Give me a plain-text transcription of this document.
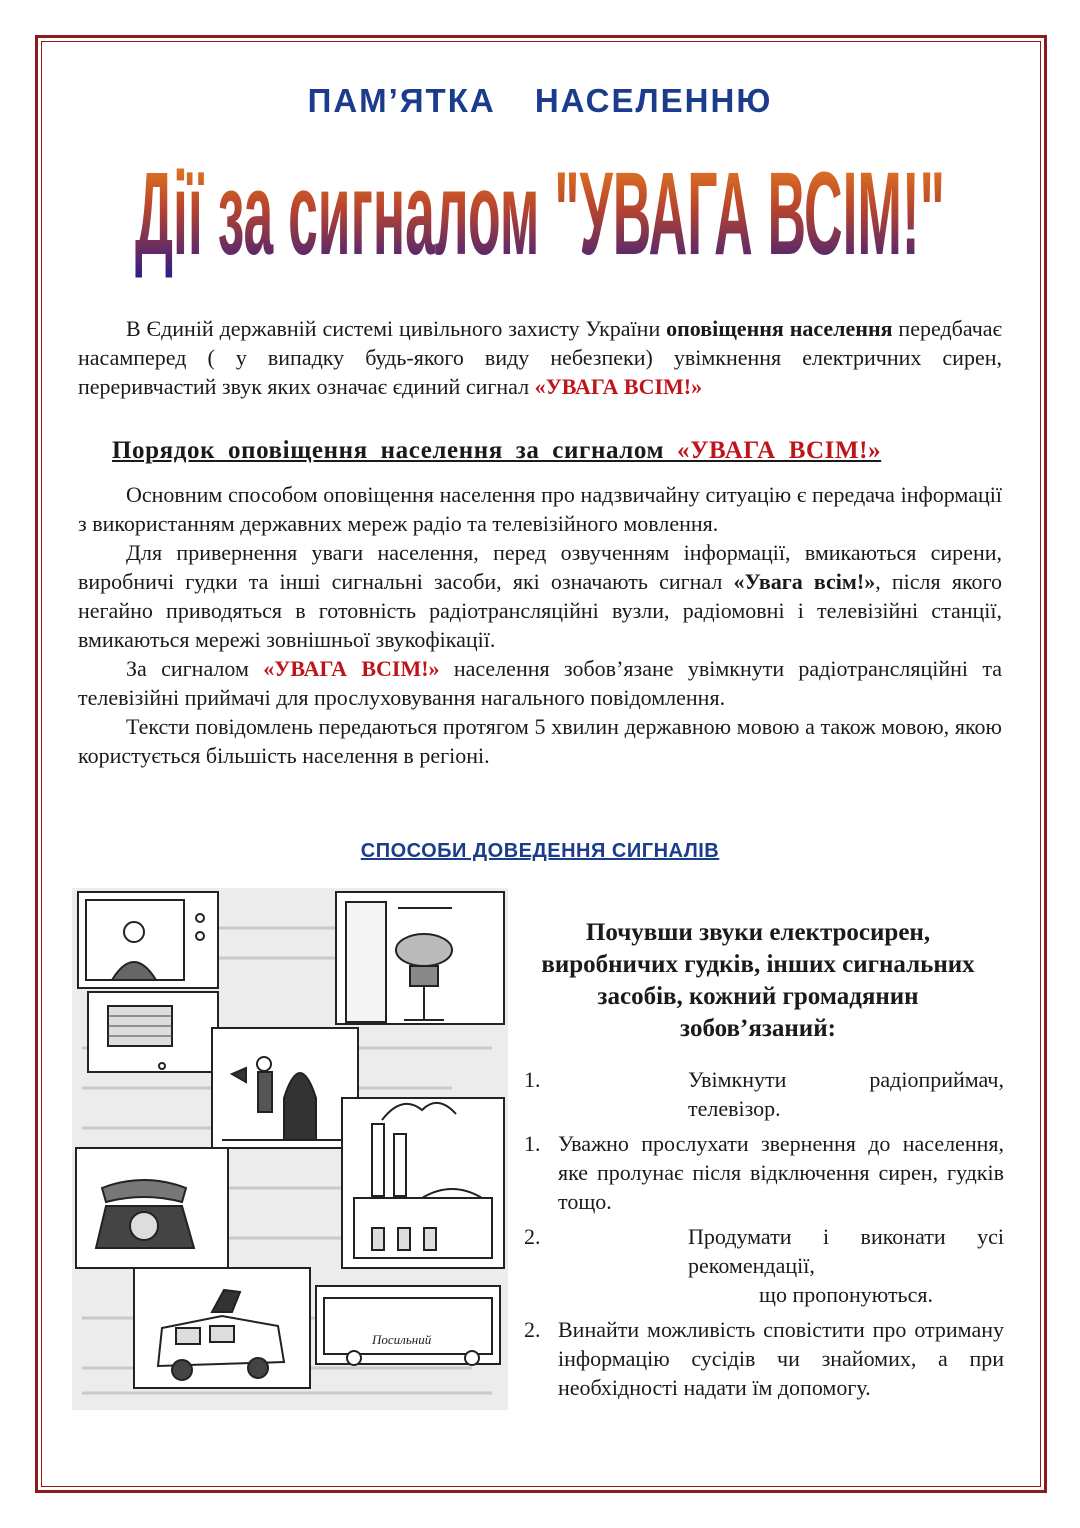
ПАМ’ЯТКА НАСЕЛЕННЮ
Дії за сигналом "УВАГА ВСІМ!"

В Єдиній державній системі цивільного захисту України оповіщення населення передбачає насамперед ( у випадку будь-якого виду небезпеки) увімкнення електричних сирен, переривчастий звук яких означає єдиний сигнал «УВАГА ВСІМ!»

Порядок оповіщення населення за сигналом «УВАГА ВСІМ!»

Основним способом оповіщення населення про надзвичайну ситуацію є передача інформації з використанням державних мереж радіо та телевізійного мовлення.

Для привернення уваги населення, перед озвученням інформації, вмикаються сирени, виробничі гудки та інші сигнальні засоби, які означають сигнал «Увага всім!», після якого негайно приводяться в готовність радіотрансляційні вузли, радіомовні і телевізійні станції, вмикаються мережі зовнішньої звукофікації.

За сигналом «УВАГА ВСІМ!» населення зобов’язане увімкнути радіотрансляційні та телевізійні приймачі для прослуховування нагального повідомлення.

Тексти повідомлень передаються протягом 5 хвилин державною мовою а також мовою, якою користується більшість населення в регіоні.

СПОСОБИ ДОВЕДЕННЯ СИГНАЛІВ
Посильний
Почувши звуки електросирен, виробничих гудків, інших сигнальних засобів, кожний громадянин зобов’язаний:
1.	Увімкнути радіоприймач, телевізор.
1. Уважно прослухати звернення до населення, яке пролунає після відключення сирен, гудків тощо.
2.	Продумати і виконати усі рекомендації,
що пропонуються.
2. Винайти можливість сповістити про отриману інформацію сусідів чи знайомих, а при необхідності надати їм допомогу.
